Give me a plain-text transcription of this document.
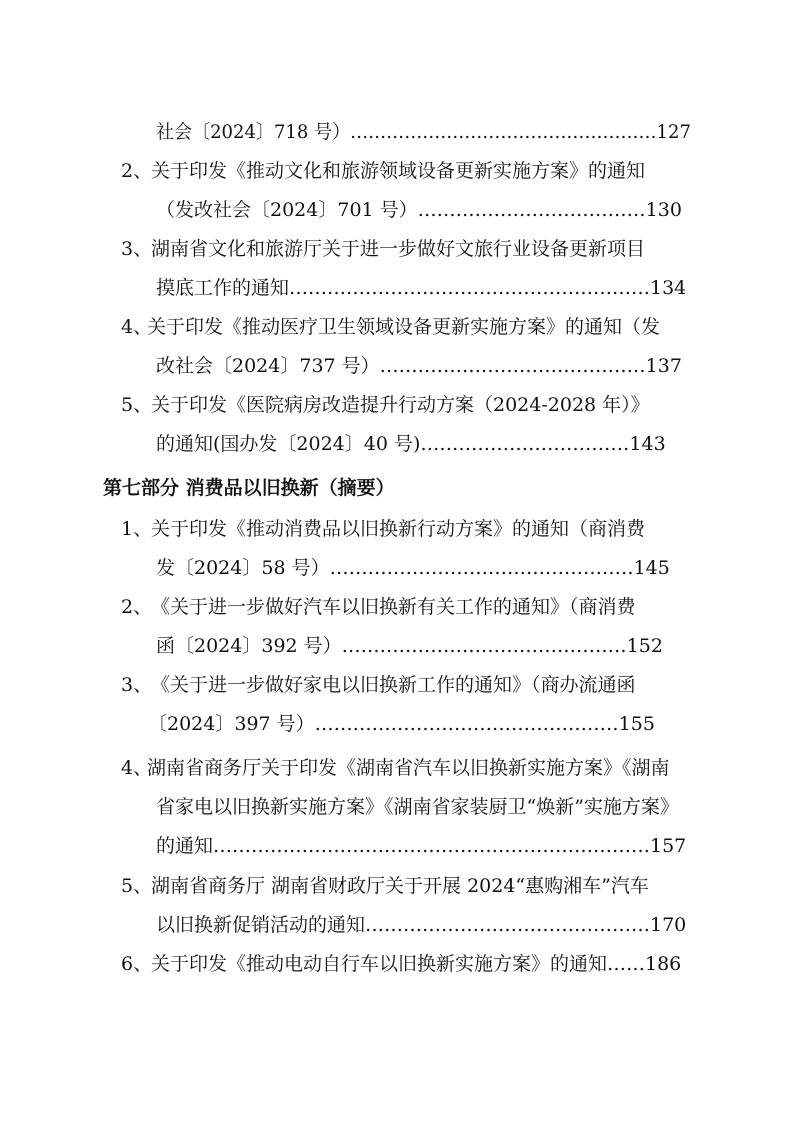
社会〔2024〕718 号）……………………………………………127
2、
关于印发《推动文化和旅游领域设备更新实施方案》的通知
（发改社会〔2024〕701 号）………………………………130
3、
湖南省文化和旅游厅关于进一步做好文旅行业设备更新项目
摸底工作的通知…………………………………………………134
4、
关于印发《推动医疗卫生领域设备更新实施方案》的通知（发
改社会〔2024〕737 号）……………………………………137
5、
关于印发《医院病房改造提升行动方案（2024-2028 年）》
的通知(国办发〔2024〕40 号)……………………………143
第七部分 消费品以旧换新（摘要）
1、
关于印发《推动消费品以旧换新行动方案》的通知（商消费
发〔2024〕58 号）…………………………………………145
2、
《关于进一步做好汽车以旧换新有关工作的通知》（商消费
函〔2024〕392 号）………………………………………152
3、
《关于进一步做好家电以旧换新工作的通知》（商办流通函
〔2024〕397 号）…………………………………………155
4、
湖南省商务厅关于印发《湖南省汽车以旧换新实施方案》《湖南
省家电以旧换新实施方案》《湖南省家装厨卫“焕新”实施方案》
的通知……………………………………………………………157
5、
湖南省商务厅 湖南省财政厅关于开展 2024“惠购湘车”汽车
以旧换新促销活动的通知………………………………………170
6、
关于印发《推动电动自行车以旧换新实施方案》的通知……186
